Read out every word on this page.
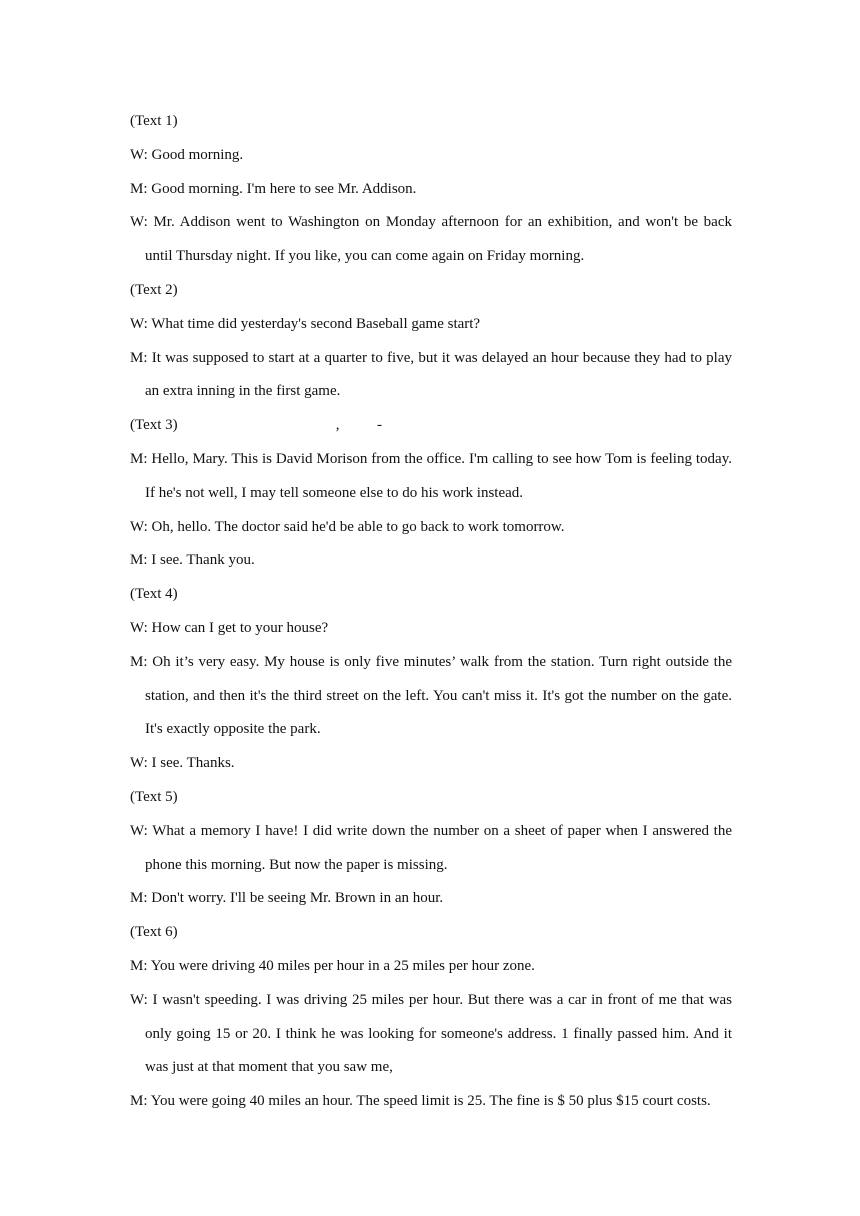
(Text 1)

W: Good morning.

M: Good morning. I'm here to see Mr. Addison.

W: Mr. Addison went to Washington on Monday afternoon for an exhibition, and won't be back until Thursday night. If you like, you can come again on Friday morning.

(Text 2)

W: What time did yesterday's second Baseball game start?

M: It was supposed to start at a quarter to five, but it was delayed an hour because they had to play an extra inning in the first game.

(Text 3)	,          -

M: Hello, Mary. This is David Morison from the office. I'm calling to see how Tom is feeling today. If he's not well, I may tell someone else to do his work instead.

W: Oh, hello. The doctor said he'd be able to go back to work tomorrow.

M: I see. Thank you.

(Text 4)

W: How can I get to your house?

M: Oh it’s very easy. My house is only five minutes’ walk from the station. Turn right outside the station, and then it's the third street on the left. You can't miss it. It's got the number on the gate. It's exactly opposite the park.

W: I see. Thanks.

(Text 5)

W: What a memory I have! I did write down the number on a sheet of paper when I answered the phone this morning. But now the paper is missing.

M: Don't worry. I'll be seeing Mr. Brown in an hour.

(Text 6)

M: You were driving 40 miles per hour in a 25 miles per hour zone.

W: I wasn't speeding. I was driving 25 miles per hour. But there was a car in front of me that was only going 15 or 20. I think he was looking for someone's address. 1 finally passed him. And it was just at that moment that you saw me,

M: You were going 40 miles an hour. The speed limit is 25. The fine is $ 50 plus $15 court costs.
